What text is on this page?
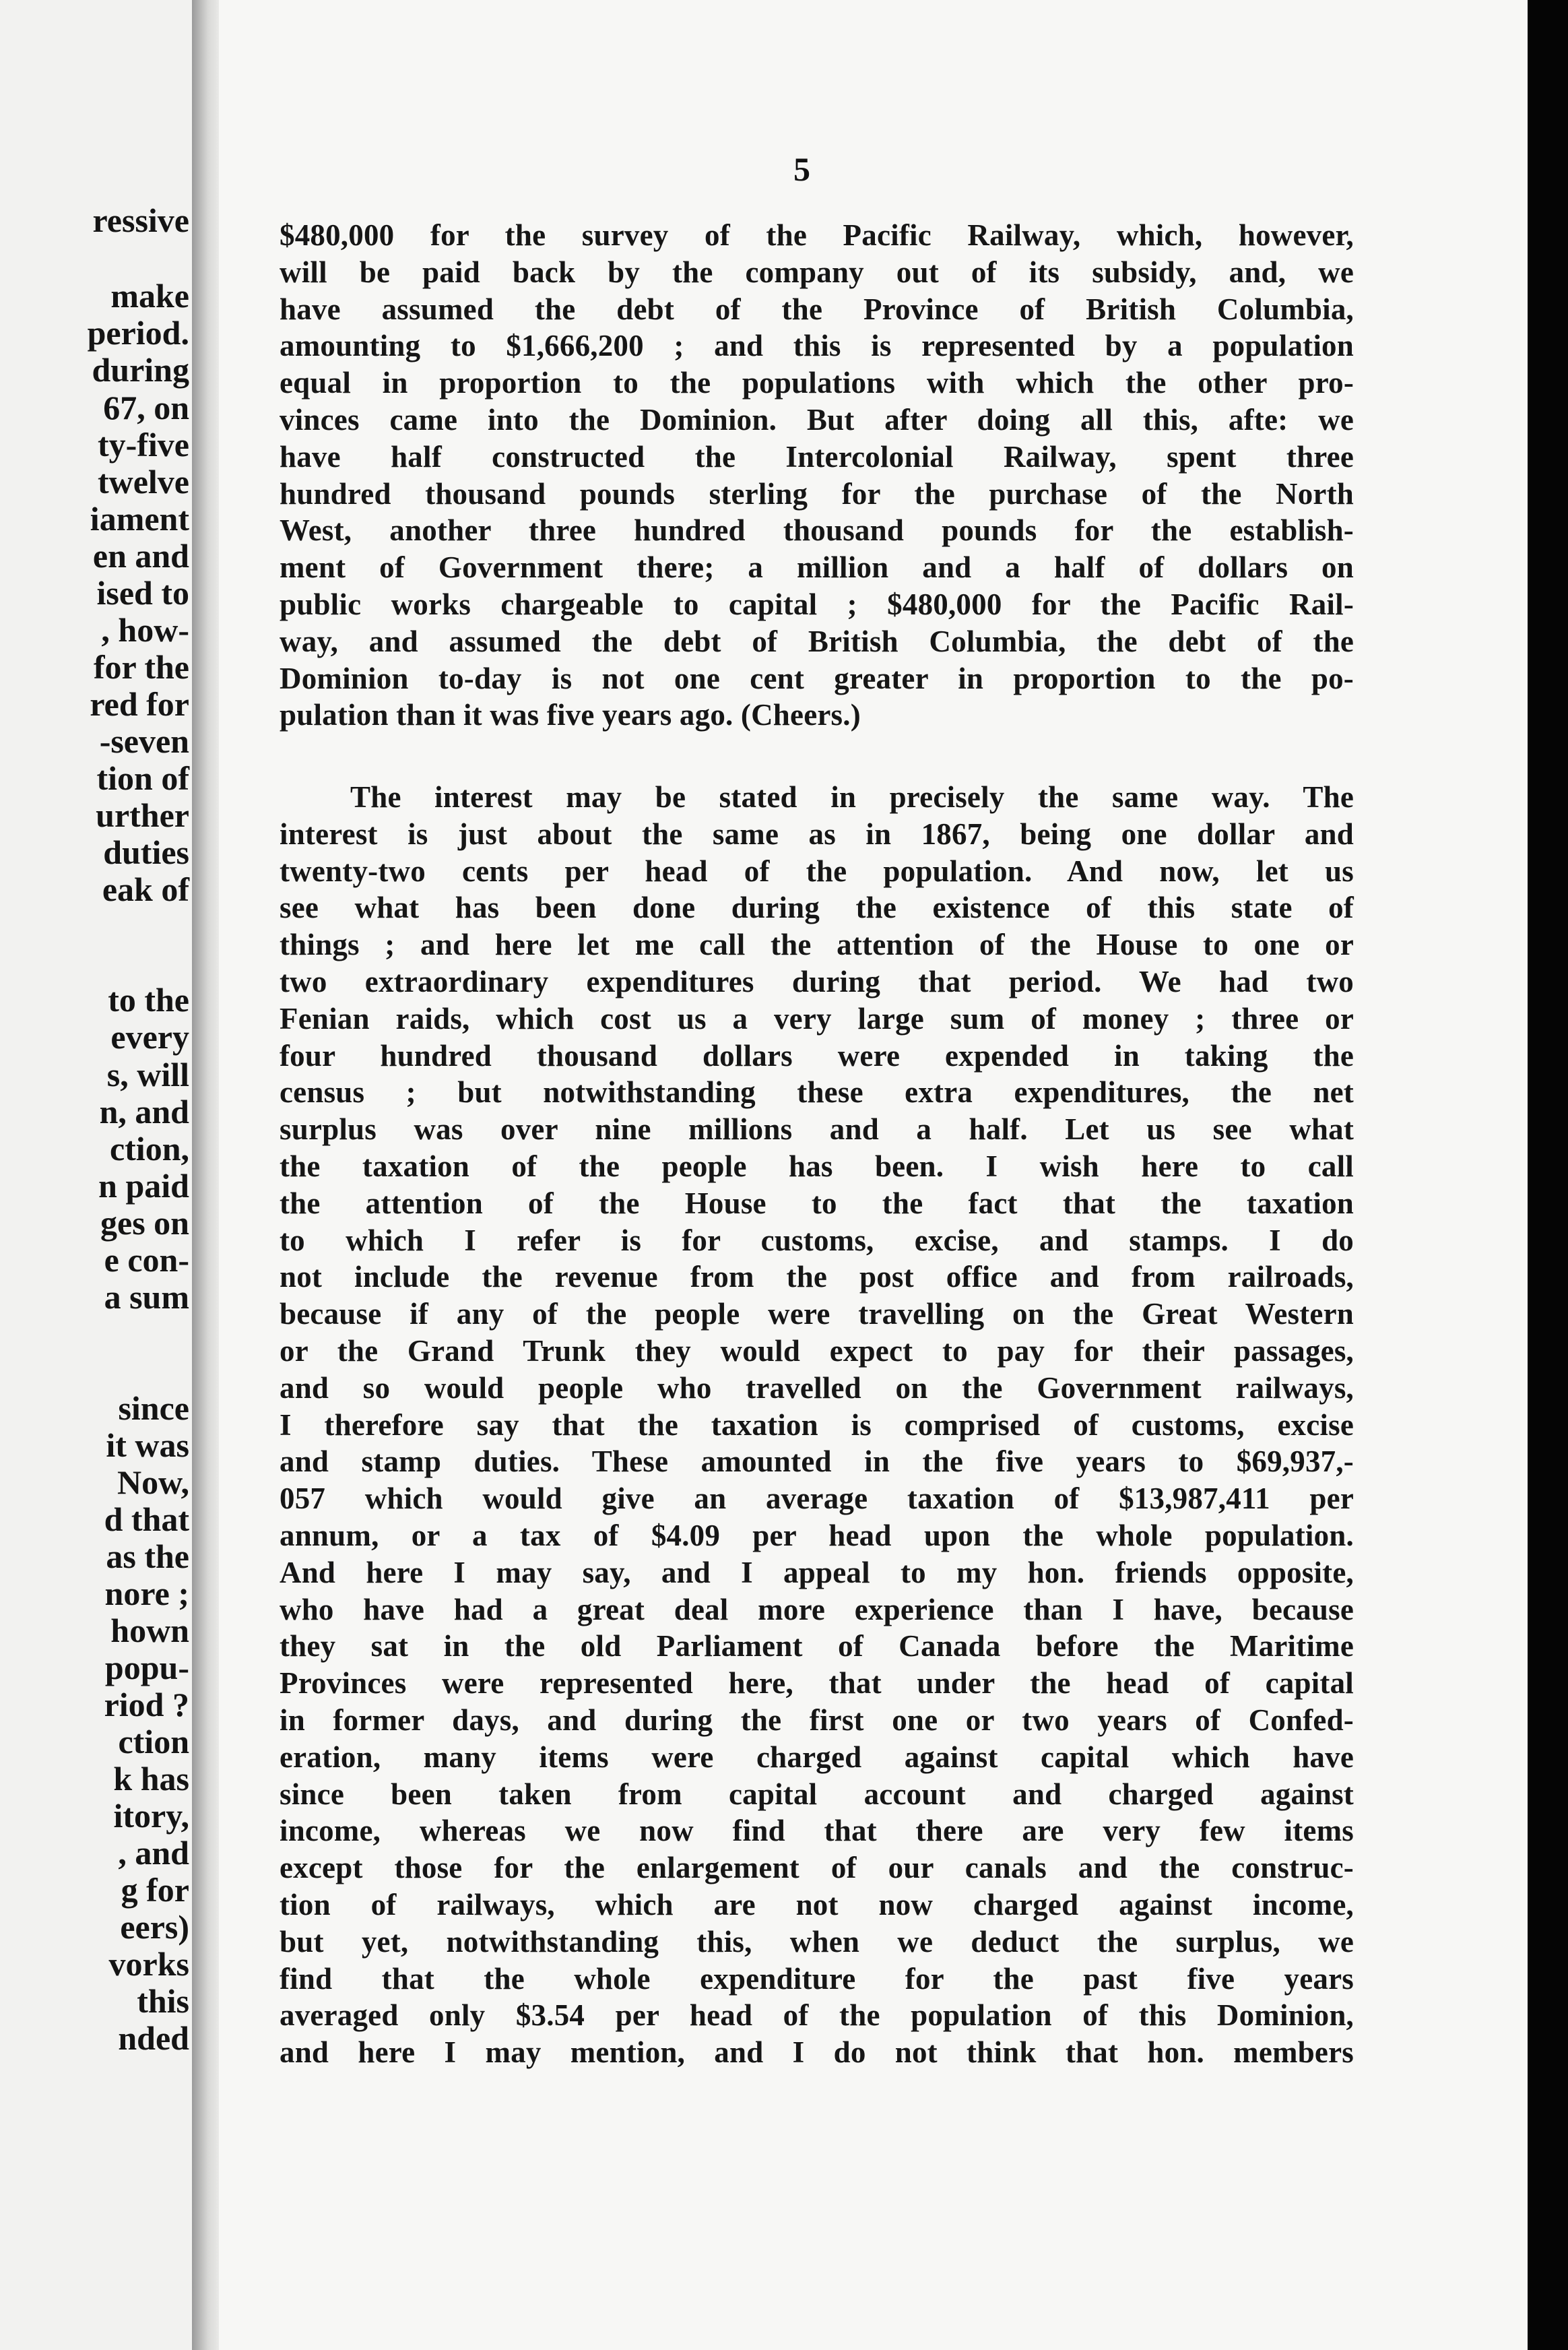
ressive
make
period.
during
67, on
ty-five
twelve
iament
en and
ised to
, how-
for the
red for
-seven
tion of
urther
duties
eak of
to the
every
s, will
n, and
ction,
n paid
ges on
e con-
a sum
since
it was
Now,
d that
as the
nore ;
hown
popu-
riod ?
ction
k has
itory,
, and
g for
eers)
vorks
this
nded
5
$480,000 for the survey of the Pacific Railway, which, however,
will be paid back by the company out of its subsidy, and, we
have assumed the debt of the Province of British Columbia,
amounting to $1,666,200 ; and this is represented by a population
equal in proportion to the populations with which the other pro-
vinces came into the Dominion. But after doing all this, afte: we
have half constructed the Intercolonial Railway, spent three
hundred thousand pounds sterling for the purchase of the North
West, another three hundred thousand pounds for the establish-
ment of Government there; a million and a half of dollars on
public works chargeable to capital ; $480,000 for the Pacific Rail-
way, and assumed the debt of British Columbia, the debt of the
Dominion to-day is not one cent greater in proportion to the po-
pulation than it was five years ago. (Cheers.)
The interest may be stated in precisely the same way. The
interest is just about the same as in 1867, being one dollar and
twenty-two cents per head of the population. And now, let us
see what has been done during the existence of this state of
things ; and here let me call the attention of the House to one or
two extraordinary expenditures during that period. We had two
Fenian raids, which cost us a very large sum of money ; three or
four hundred thousand dollars were expended in taking the
census ; but notwithstanding these extra expenditures, the net
surplus was over nine millions and a half. Let us see what
the taxation of the people has been. I wish here to call
the attention of the House to the fact that the taxation
to which I refer is for customs, excise, and stamps. I do
not include the revenue from the post office and from railroads,
because if any of the people were travelling on the Great Western
or the Grand Trunk they would expect to pay for their passages,
and so would people who travelled on the Government railways,
I therefore say that the taxation is comprised of customs, excise
and stamp duties. These amounted in the five years to $69,937,-
057 which would give an average taxation of $13,987,411 per
annum, or a tax of $4.09 per head upon the whole population.
And here I may say, and I appeal to my hon. friends opposite,
who have had a great deal more experience than I have, because
they sat in the old Parliament of Canada before the Maritime
Provinces were represented here, that under the head of capital
in former days, and during the first one or two years of Confed-
eration, many items were charged against capital which have
since been taken from capital account and charged against
income, whereas we now find that there are very few items
except those for the enlargement of our canals and the construc-
tion of railways, which are not now charged against income,
but yet, notwithstanding this, when we deduct the surplus, we
find that the whole expenditure for the past five years
averaged only $3.54 per head of the population of this Dominion,
and here I may mention, and I do not think that hon. members
